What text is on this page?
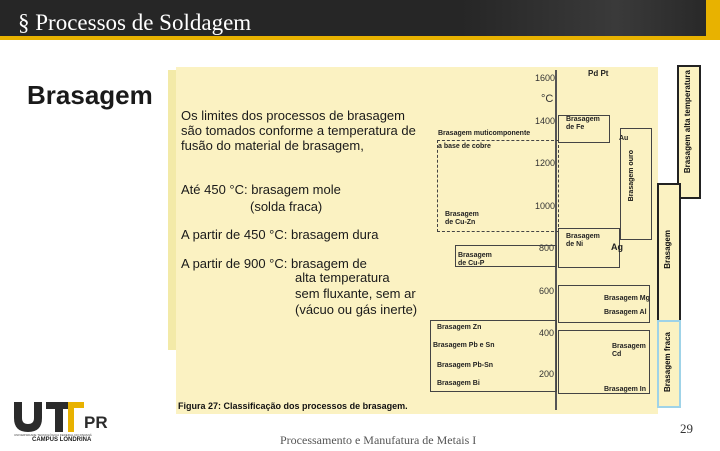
§ Processos de Soldagem
Brasagem
Os limites dos processos de brasagem
são tomados conforme a temperatura de
fusão do material de brasagem,
Até 450 °C: brasagem mole
(solda fraca)
A partir de 450 °C: brasagem dura
A partir de 900 °C: brasagem de
alta temperatura
sem fluxante, sem ar
(vácuo ou gás inerte)
°C
1600
1400
1200
1000
800
600
400
200
Pd Pt
Brasagem
de Fe
Brasagem muticomponente
a base de cobre
Au
Brasagem
de Cu-Zn
Brasagem
de Ni	Ag
Brasagem
de Cu-P
Brasagem Mg
Brasagem Al
Brasagem Zn
Brasagem Pb e Sn
Brasagem Pb-Sn
Brasagem Bi
Brasagem
Cd
Brasagem In
Brasagem ouro
Brasagem alta temperatura
Brasagem
Brasagem fraca
Figura 27: Classificação dos processos de brasagem.
PR
UNIVERSIDADE TECNOLÓGICA FEDERAL DO PARANÁ
CAMPUS LONDRINA	Processamento e Manufatura de Metais I
29
